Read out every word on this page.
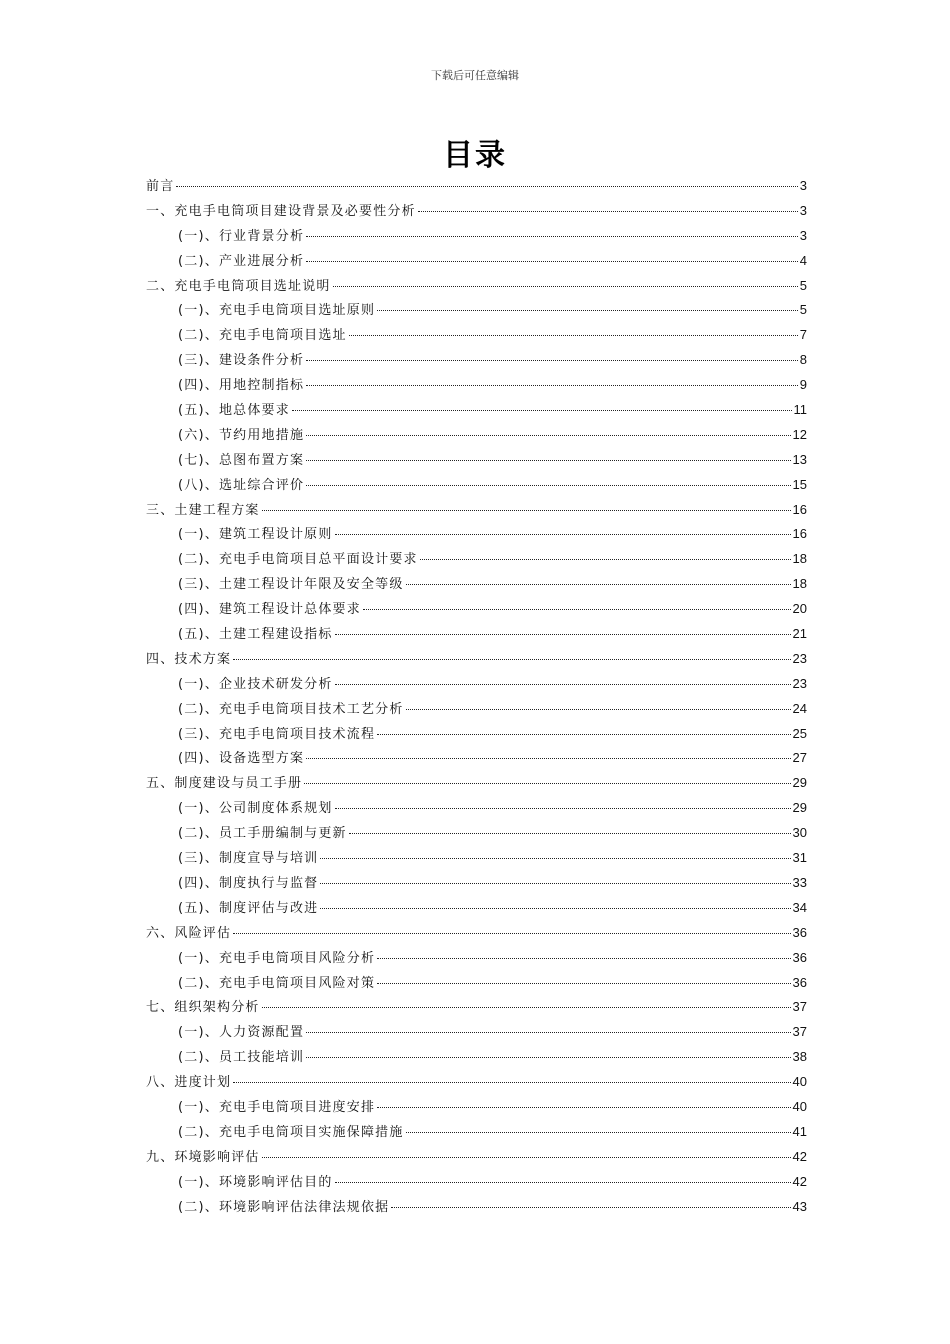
下载后可任意编辑
目录
前言	3
一、充电手电筒项目建设背景及必要性分析	3
(一)、行业背景分析	3
(二)、产业进展分析	4
二、充电手电筒项目选址说明	5
(一)、充电手电筒项目选址原则	5
(二)、充电手电筒项目选址	7
(三)、建设条件分析	8
(四)、用地控制指标	9
(五)、地总体要求	11
(六)、节约用地措施	12
(七)、总图布置方案	13
(八)、选址综合评价	15
三、土建工程方案	16
(一)、建筑工程设计原则	16
(二)、充电手电筒项目总平面设计要求	18
(三)、土建工程设计年限及安全等级	18
(四)、建筑工程设计总体要求	20
(五)、土建工程建设指标	21
四、技术方案	23
(一)、企业技术研发分析	23
(二)、充电手电筒项目技术工艺分析	24
(三)、充电手电筒项目技术流程	25
(四)、设备选型方案	27
五、制度建设与员工手册	29
(一)、公司制度体系规划	29
(二)、员工手册编制与更新	30
(三)、制度宣导与培训	31
(四)、制度执行与监督	33
(五)、制度评估与改进	34
六、风险评估	36
(一)、充电手电筒项目风险分析	36
(二)、充电手电筒项目风险对策	36
七、组织架构分析	37
(一)、人力资源配置	37
(二)、员工技能培训	38
八、进度计划	40
(一)、充电手电筒项目进度安排	40
(二)、充电手电筒项目实施保障措施	41
九、环境影响评估	42
(一)、环境影响评估目的	42
(二)、环境影响评估法律法规依据	43
